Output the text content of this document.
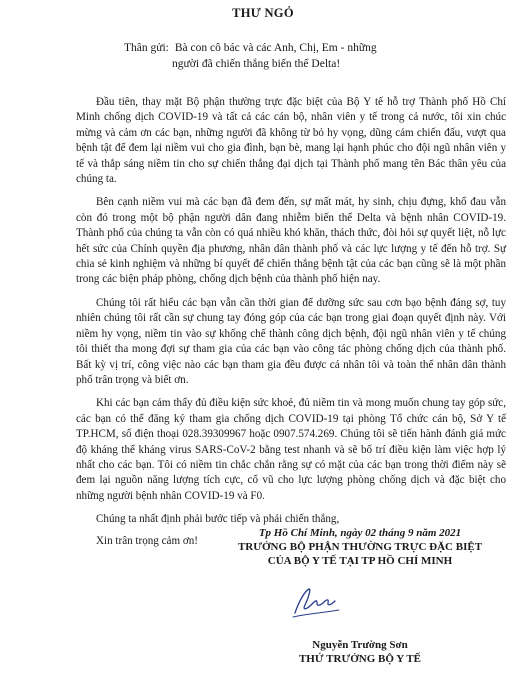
THƯ NGỎ
Thân gửi: Bà con cô bác và các Anh, Chị, Em - những
người đã chiến thắng biến thể Delta!

Đầu tiên, thay mặt Bộ phận thường trực đặc biệt của Bộ Y tế hỗ trợ Thành phố Hồ Chí Minh chống dịch COVID-19 và tất cả các cán bộ, nhân viên y tế trong cả nước, tôi xin chúc mừng và cảm ơn các bạn, những người đã không từ bỏ hy vọng, dũng cảm chiến đấu, vượt qua bệnh tật để đem lại niềm vui cho gia đình, bạn bè, mang lại hạnh phúc cho đội ngũ nhân viên y tế và thắp sáng niềm tin cho sự chiến thắng đại dịch tại Thành phố mang tên Bác thân yêu của chúng ta.

Bên cạnh niềm vui mà các bạn đã đem đến, sự mất mát, hy sinh, chịu đựng, khổ đau vẫn còn đó trong một bộ phận người dân đang nhiễm biến thể Delta và bệnh nhân COVID-19. Thành phố của chúng ta vẫn còn có quá nhiều khó khăn, thách thức, đòi hỏi sự quyết liệt, nỗ lực hết sức của Chính quyền địa phương, nhân dân thành phố và các lực lượng y tế đến hỗ trợ. Sự chia sẻ kinh nghiệm và những bí quyết để chiến thắng bệnh tật của các bạn cũng sẽ là một phần trong các biện pháp phòng, chống dịch bệnh của thành phố hiện nay.

Chúng tôi rất hiểu các bạn vẫn cần thời gian để dưỡng sức sau cơn bạo bệnh đáng sợ, tuy nhiên chúng tôi rất cần sự chung tay đóng góp của các bạn trong giai đoạn quyết định này. Với niềm hy vọng, niềm tin vào sự khống chế thành công dịch bệnh, đội ngũ nhân viên y tế chúng tôi thiết tha mong đợi sự tham gia của các bạn vào công tác phòng chống dịch của thành phố. Bất kỳ vị trí, công việc nào các bạn tham gia đều được cá nhân tôi và toàn thể nhân dân thành phố trân trọng và biết ơn.

Khi các bạn cảm thấy đủ điều kiện sức khoẻ, đủ niềm tin và mong muốn chung tay góp sức, các bạn có thể đăng ký tham gia chống dịch COVID-19 tại phòng Tổ chức cán bộ, Sở Y tế TP.HCM, số điện thoại 028.39309967 hoặc 0907.574.269. Chúng tôi sẽ tiến hành đánh giá mức độ kháng thể kháng virus SARS-CoV-2 bằng test nhanh và sẽ bố trí điều kiện làm việc hợp lý nhất cho các bạn. Tôi có niềm tin chắc chắn rằng sự có mặt của các bạn trong thời điểm này sẽ đem lại nguồn năng lượng tích cực, cổ vũ cho lực lượng phòng chống dịch và đặc biệt cho những người bệnh nhân COVID-19 và F0.

Chúng ta nhất định phải bước tiếp và phải chiến thắng,

Xin trân trọng cảm ơn!

Tp Hồ Chí Minh, ngày 02 tháng 9 năm 2021
TRƯỞNG BỘ PHẬN THƯỜNG TRỰC ĐẶC BIỆT
CỦA BỘ Y TẾ TẠI TP HỒ CHÍ MINH
Nguyễn Trường Sơn
THỨ TRƯỞNG BỘ Y TẾ
